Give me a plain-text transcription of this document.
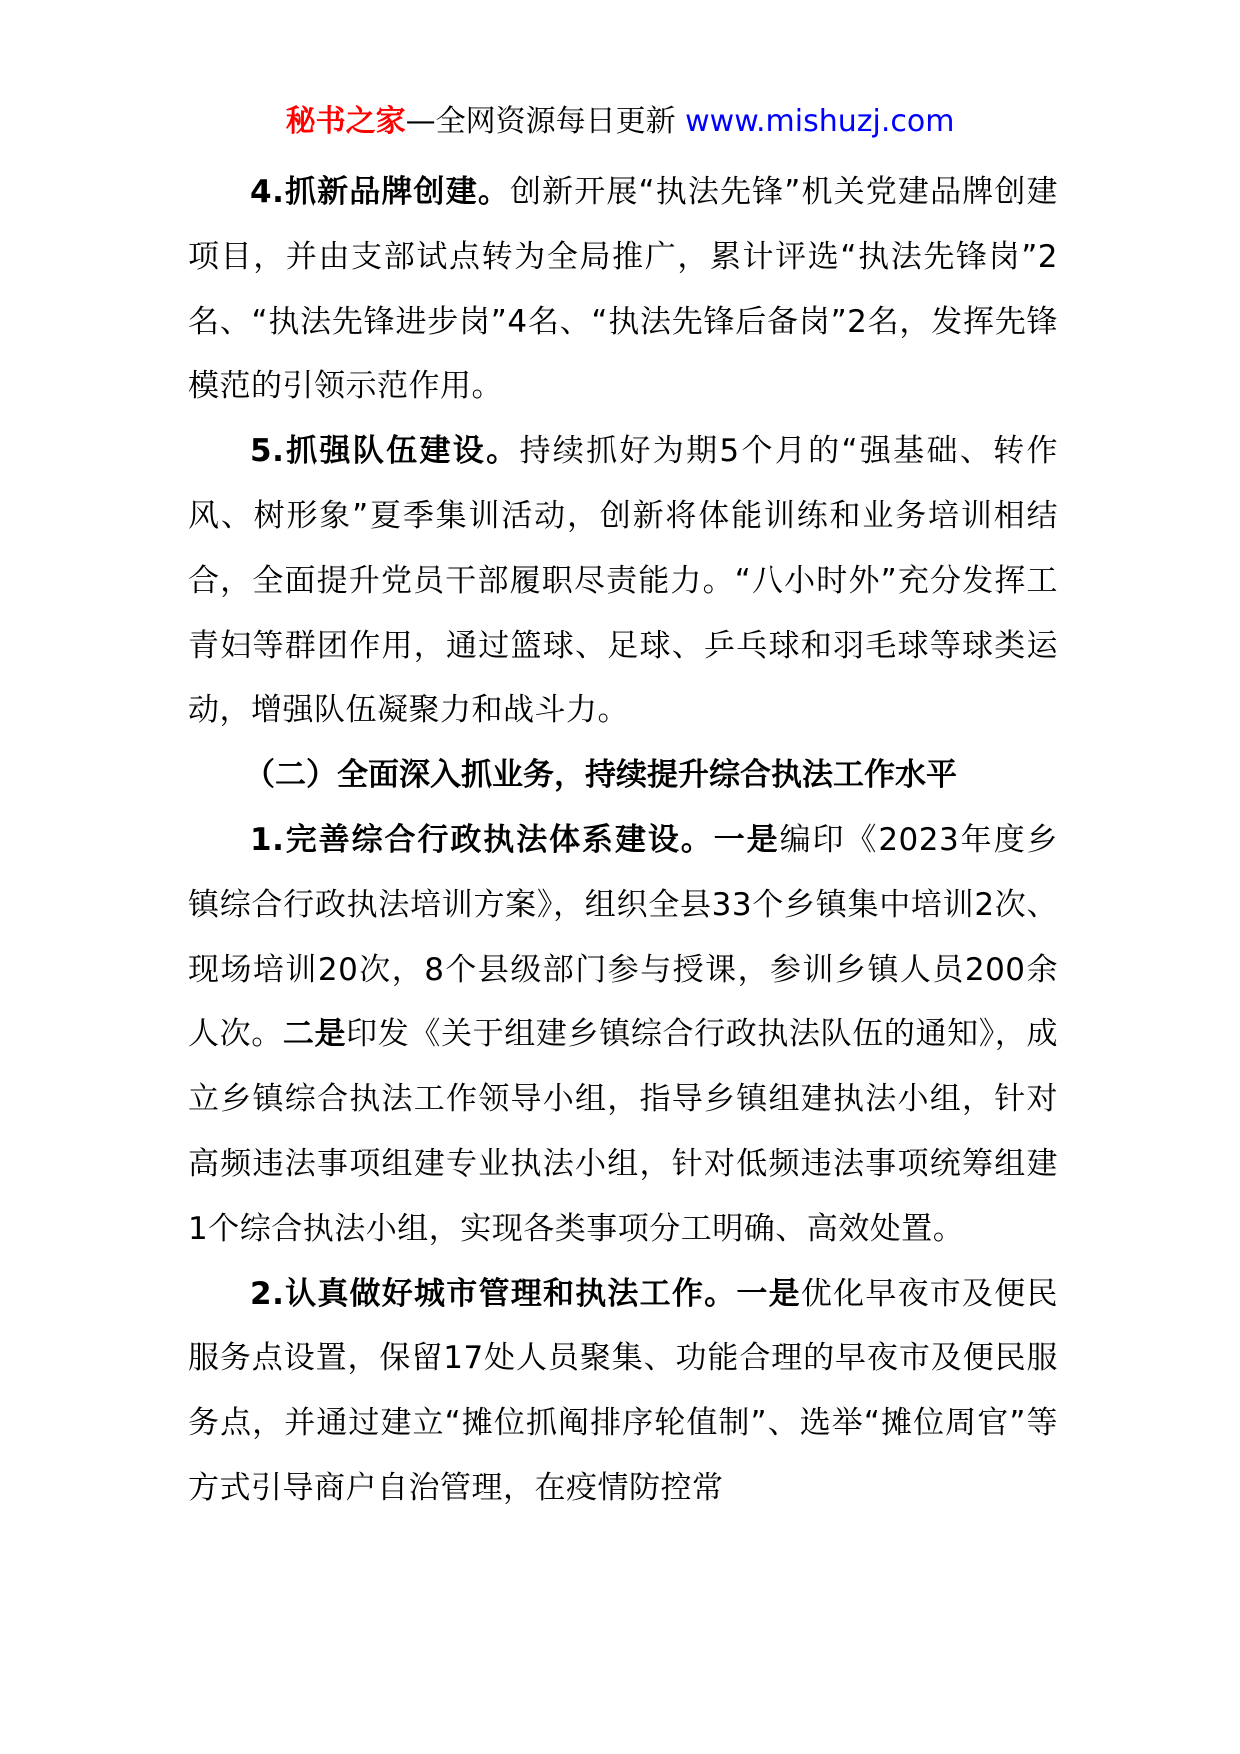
秘书之家—全网资源每日更新 www.mishuzj.com

4.抓新品牌创建。创新开展“执法先锋”机关党建品牌创建项目，并由支部试点转为全局推广，累计评选“执法先锋岗”2名、“执法先锋进步岗”4名、“执法先锋后备岗”2名，发挥先锋模范的引领示范作用。

5.抓强队伍建设。持续抓好为期5个月的“强基础、转作风、树形象”夏季集训活动，创新将体能训练和业务培训相结合，全面提升党员干部履职尽责能力。“八小时外”充分发挥工青妇等群团作用，通过篮球、足球、乒乓球和羽毛球等球类运动，增强队伍凝聚力和战斗力。

（二）全面深入抓业务，持续提升综合执法工作水平

1.完善综合行政执法体系建设。一是编印《2023年度乡镇综合行政执法培训方案》，组织全县33个乡镇集中培训2次、现场培训20次，8个县级部门参与授课，参训乡镇人员200余人次。二是印发《关于组建乡镇综合行政执法队伍的通知》，成立乡镇综合执法工作领导小组，指导乡镇组建执法小组，针对高频违法事项组建专业执法小组，针对低频违法事项统筹组建1个综合执法小组，实现各类事项分工明确、高效处置。

2.认真做好城市管理和执法工作。一是优化早夜市及便民服务点设置，保留17处人员聚集、功能合理的早夜市及便民服务点，并通过建立“摊位抓阄排序轮值制”、选举“摊位周官”等方式引导商户自治管理，在疫情防控常
